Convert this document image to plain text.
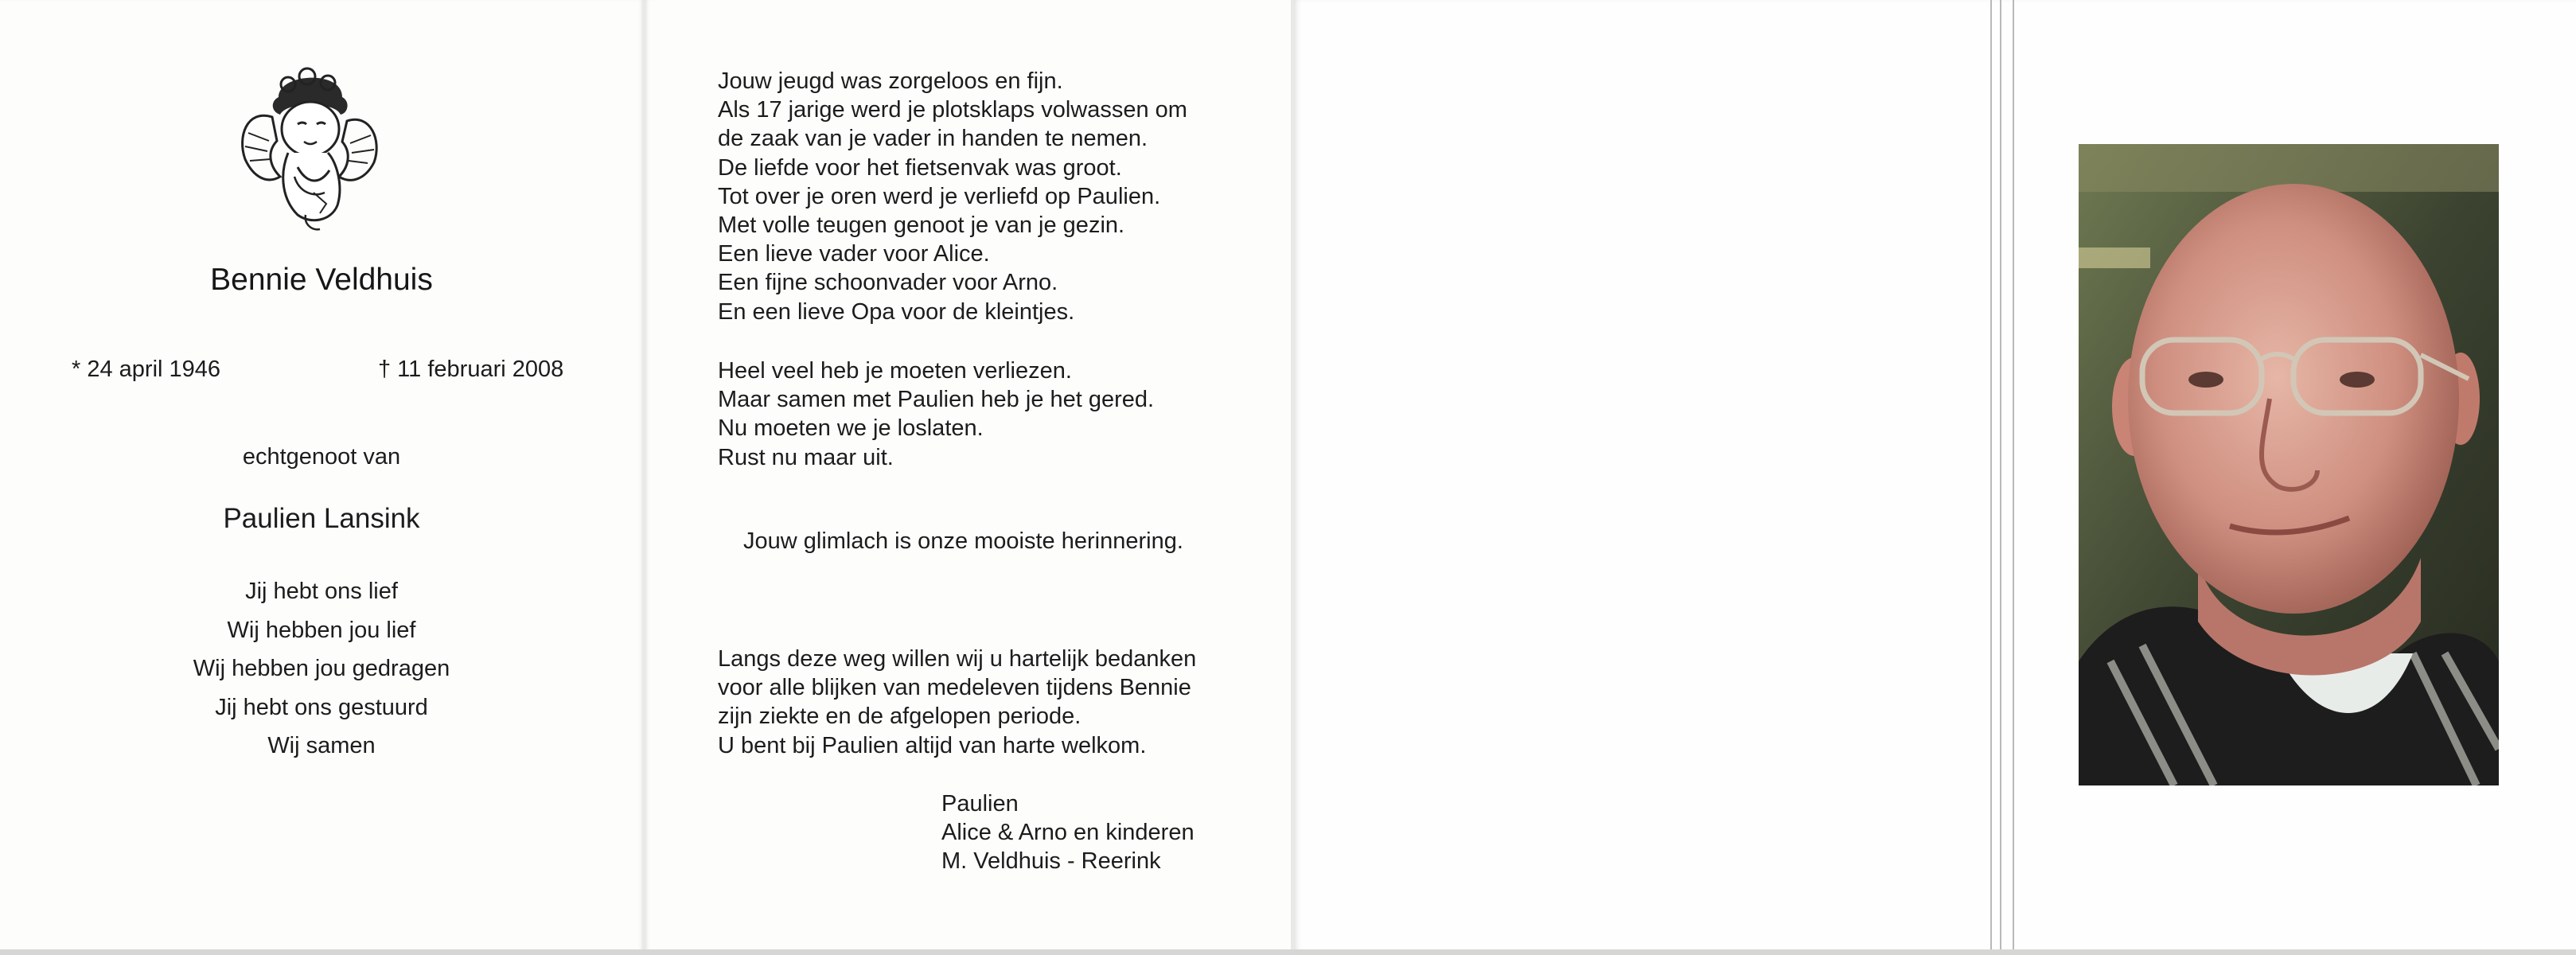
Bennie Veldhuis
* 24 april 1946	† 11 februari 2008
echtgenoot van
Paulien Lansink
Jij hebt ons lief
Wij hebben jou lief
Wij hebben jou gedragen
Jij hebt ons gestuurd
Wij samen
Jouw jeugd was zorgeloos en fijn.
Als 17 jarige werd je plotsklaps volwassen om
de zaak van je vader in handen te nemen.
De liefde voor het fietsenvak was groot.
Tot over je oren werd je verliefd op Paulien.
Met volle teugen genoot je van je gezin.
Een lieve vader voor Alice.
Een fijne schoonvader voor Arno.
En een lieve Opa voor de kleintjes.
Heel veel heb je moeten verliezen.
Maar samen met Paulien heb je het gered.
Nu moeten we je loslaten.
Rust nu maar uit.
Jouw glimlach is onze mooiste herinnering.
Langs deze weg willen wij u hartelijk bedanken
voor alle blijken van medeleven tijdens Bennie
zijn ziekte en de afgelopen periode.
U bent bij Paulien altijd van harte welkom.
Paulien
Alice & Arno en kinderen
M. Veldhuis - Reerink
